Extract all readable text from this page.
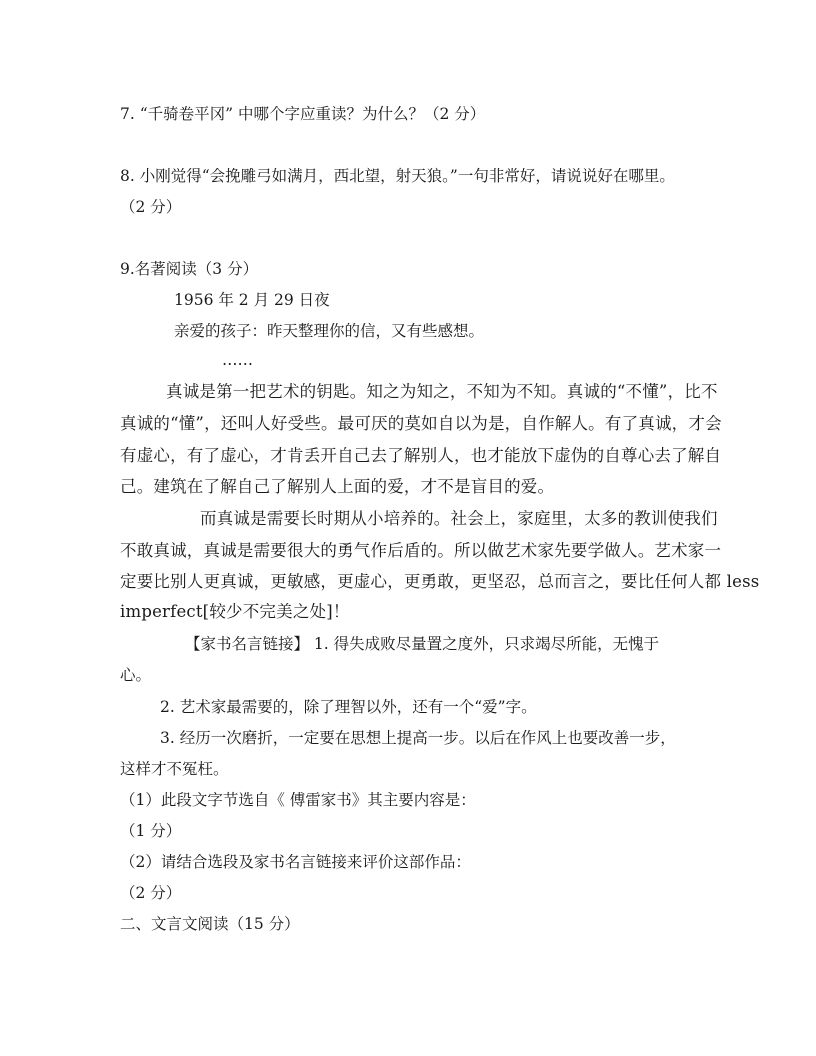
7. “千骑卷平冈” 中哪个字应重读？为什么？（2 分）
8. 小刚觉得“会挽雕弓如满月，西北望，射天狼。”一句非常好，请说说好在哪里。
（2 分）
9.名著阅读（3 分）
1956 年 2 月 29 日夜
亲爱的孩子：昨天整理你的信，又有些感想。
……
真诚是第一把艺术的钥匙。知之为知之，不知为不知。真诚的“不懂”，比不
真诚的“懂”，还叫人好受些。最可厌的莫如自以为是，自作解人。有了真诚，才会
有虚心，有了虚心，才肯丢开自己去了解别人，也才能放下虚伪的自尊心去了解自
己。建筑在了解自己了解别人上面的爱，才不是盲目的爱。
而真诚是需要长时期从小培养的。社会上，家庭里，太多的教训使我们
不敢真诚，真诚是需要很大的勇气作后盾的。所以做艺术家先要学做人。艺术家一
定要比别人更真诚，更敏感，更虚心，更勇敢，更坚忍，总而言之，要比任何人都 less
imperfect[较少不完美之处]！
【家书名言链接】 1. 得失成败尽量置之度外，只求竭尽所能，无愧于
心。
2. 艺术家最需要的，除了理智以外，还有一个“爱”字。
3. 经历一次磨折，一定要在思想上提高一步。以后在作风上也要改善一步，
这样才不冤枉。
（1）此段文字节选自《 傅雷家书》其主要内容是：
（1 分）
（2）请结合选段及家书名言链接来评价这部作品：
（2 分）
二、文言文阅读（15 分）
